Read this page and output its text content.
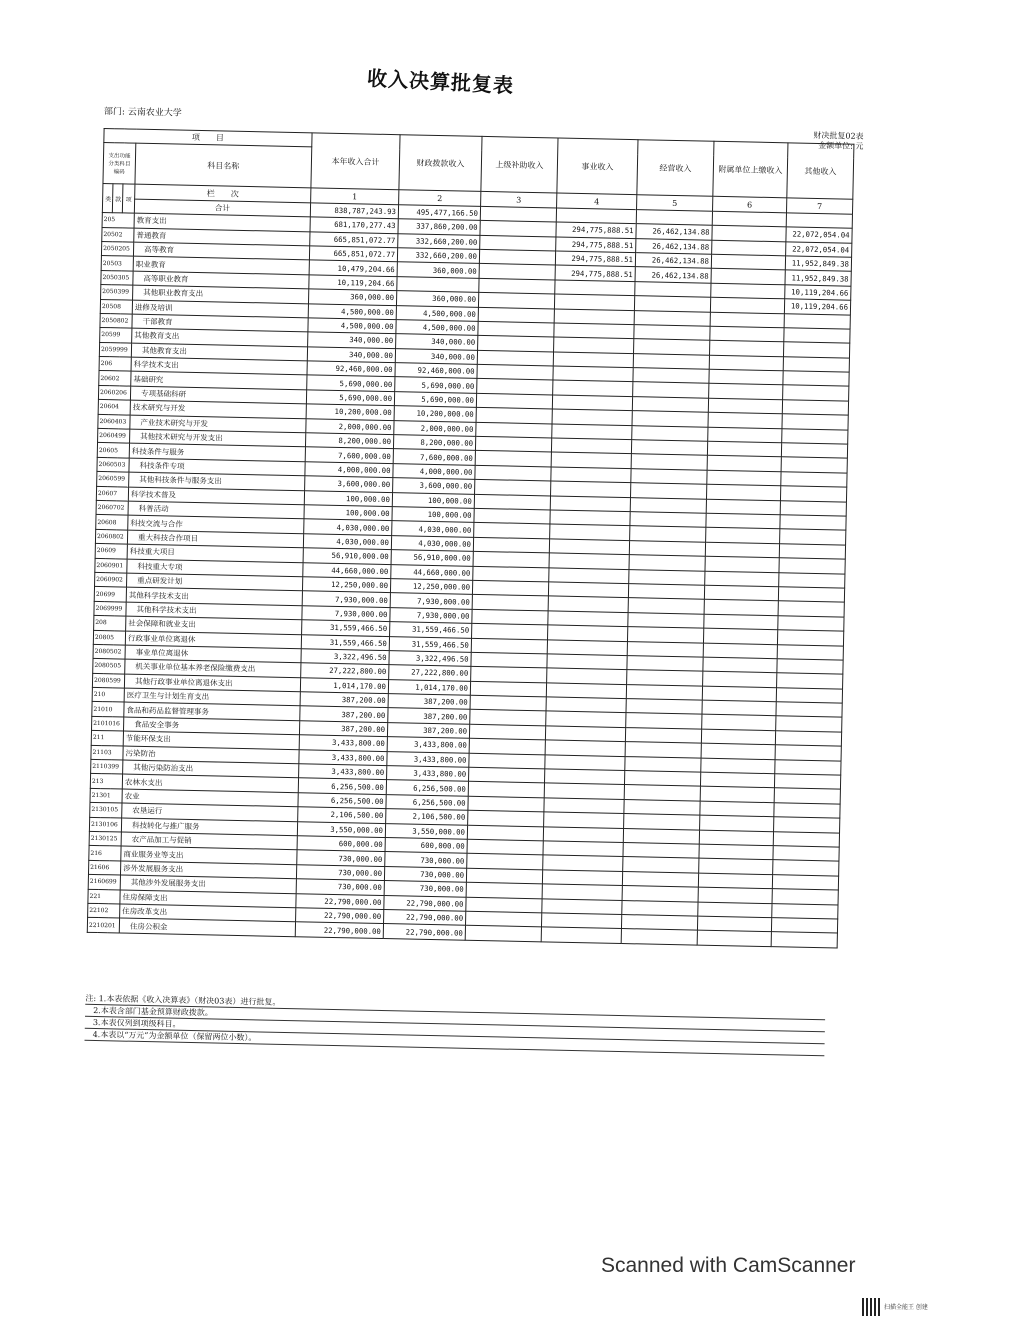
收入决算批复表
部门: 云南农业大学
财决批复02表
金额单位: 元
项　　目				本年收入合计	财政拨款收入	上级补助收入	事业收入	经营收入	附属单位上缴收入	其他收入
支出功能分类科目编码			科目名称							
类	款	项	栏　　次	1	2	3	4	5	6	7
			合计	838,787,243.93	495,477,166.50					
205			教育支出	681,170,277.43	337,860,200.00		294,775,888.51	26,462,134.88		22,072,054.04
20502			普通教育	665,851,072.77	332,660,200.00		294,775,888.51	26,462,134.88		22,072,054.04
2050205			高等教育	665,851,072.77	332,660,200.00		294,775,888.51	26,462,134.88		11,952,849.38
20503			职业教育	10,479,204.66	360,000.00		294,775,888.51	26,462,134.88		11,952,849.38
2050305			高等职业教育	10,119,204.66						10,119,204.66
2050399			其他职业教育支出	360,000.00	360,000.00					10,119,204.66
20508			进修及培训	4,500,000.00	4,500,000.00					
2050802			干部教育	4,500,000.00	4,500,000.00					
20599			其他教育支出	340,000.00	340,000.00					
2059999			其他教育支出	340,000.00	340,000.00					
206			科学技术支出	92,460,000.00	92,460,000.00					
20602			基础研究	5,690,000.00	5,690,000.00					
2060206			专项基础科研	5,690,000.00	5,690,000.00					
20604			技术研究与开发	10,200,000.00	10,200,000.00					
2060403			产业技术研究与开发	2,000,000.00	2,000,000.00					
2060499			其他技术研究与开发支出	8,200,000.00	8,200,000.00					
20605			科技条件与服务	7,600,000.00	7,600,000.00					
2060503			科技条件专项	4,000,000.00	4,000,000.00					
2060599			其他科技条件与服务支出	3,600,000.00	3,600,000.00					
20607			科学技术普及	100,000.00	100,000.00					
2060702			科普活动	100,000.00	100,000.00					
20608			科技交流与合作	4,030,000.00	4,030,000.00					
2060802			重大科技合作项目	4,030,000.00	4,030,000.00					
20609			科技重大项目	56,910,000.00	56,910,000.00					
2060901			科技重大专项	44,660,000.00	44,660,000.00					
2060902			重点研发计划	12,250,000.00	12,250,000.00					
20699			其他科学技术支出	7,930,000.00	7,930,000.00					
2069999			其他科学技术支出	7,930,000.00	7,930,000.00					
208			社会保障和就业支出	31,559,466.50	31,559,466.50					
20805			行政事业单位离退休	31,559,466.50	31,559,466.50					
2080502			事业单位离退休	3,322,496.50	3,322,496.50					
2080505			机关事业单位基本养老保险缴费支出	27,222,800.00	27,222,800.00					
2080599			其他行政事业单位离退休支出	1,014,170.00	1,014,170.00					
210			医疗卫生与计划生育支出	387,200.00	387,200.00					
21010			食品和药品监督管理事务	387,200.00	387,200.00					
2101016			食品安全事务	387,200.00	387,200.00					
211			节能环保支出	3,433,800.00	3,433,800.00					
21103			污染防治	3,433,800.00	3,433,800.00					
2110399			其他污染防治支出	3,433,800.00	3,433,800.00					
213			农林水支出	6,256,500.00	6,256,500.00					
21301			农业	6,256,500.00	6,256,500.00					
2130105			农垦运行	2,106,500.00	2,106,500.00					
2130106			科技转化与推广服务	3,550,000.00	3,550,000.00					
2130125			农产品加工与促销	600,000.00	600,000.00					
216			商业服务业等支出	730,000.00	730,000.00					
21606			涉外发展服务支出	730,000.00	730,000.00					
2160699			其他涉外发展服务支出	730,000.00	730,000.00					
221			住房保障支出	22,790,000.00	22,790,000.00					
22102			住房改革支出	22,790,000.00	22,790,000.00					
2210201			住房公积金	22,790,000.00	22,790,000.00					
注: 1.本表依据《收入决算表》（财决03表）进行批复。
2.本表含部门基金预算财政拨款。
3.本表仅列到项级科目。
4.本表以“万元”为金额单位（保留两位小数）。
Scanned with CamScanner
扫描全能王 创建
